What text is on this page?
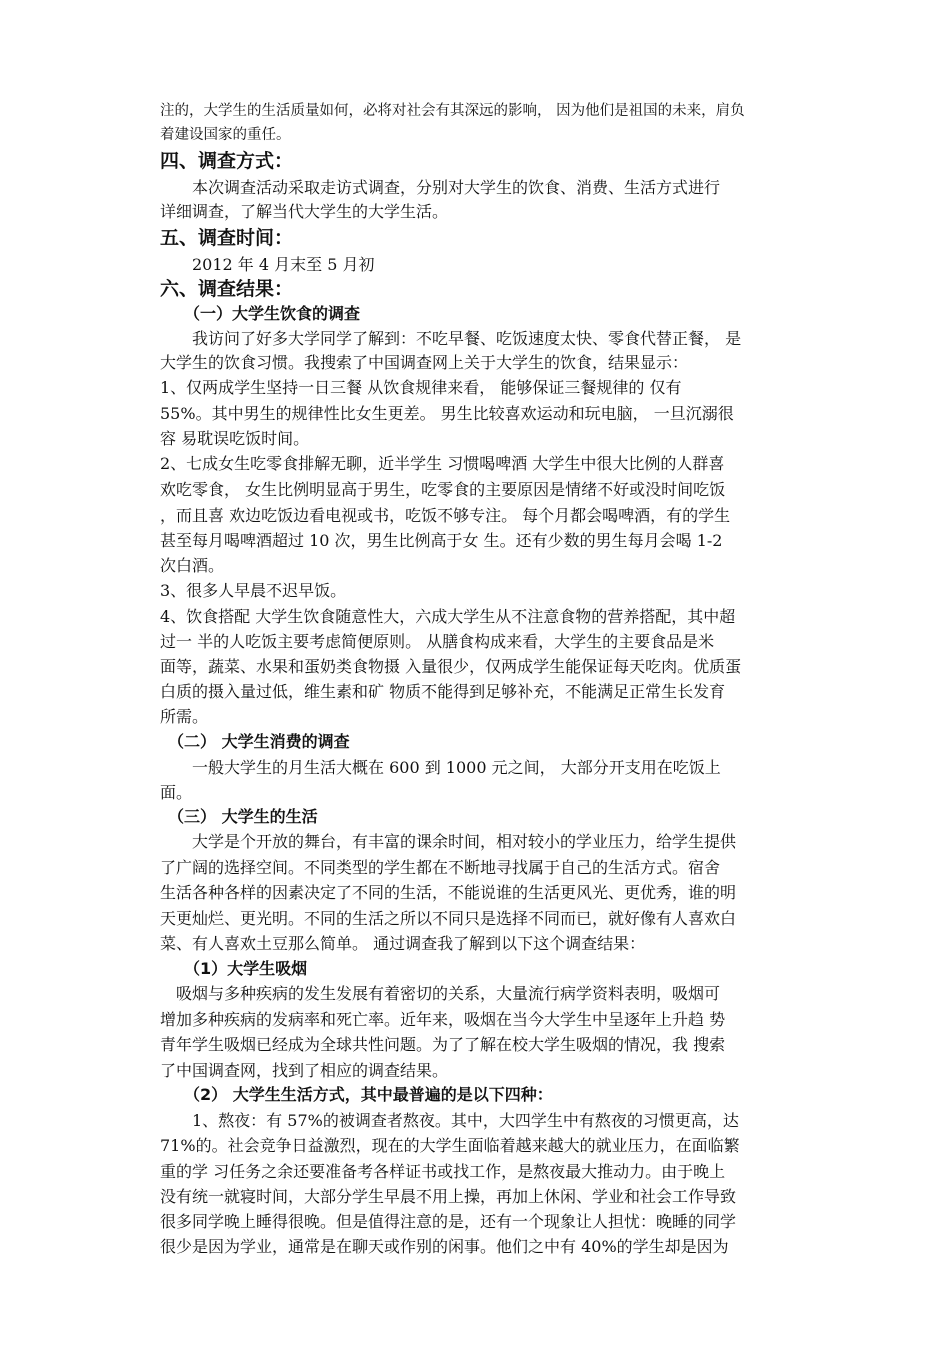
注的，大学生的生活质量如何，必将对社会有其深远的影响， 因为他们是祖国的未来，肩负
着建设国家的重任。
四、调查方式：
　　本次调查活动采取走访式调查，分别对大学生的饮食、消费、生活方式进行
详细调查，了解当代大学生的大学生活。
五、调查时间：
　　2012 年 4 月末至 5 月初
六、调查结果：
　　（一）大学生饮食的调查
　　我访问了好多大学同学了解到：不吃早餐、吃饭速度太快、零食代替正餐， 是
大学生的饮食习惯。我搜索了中国调查网上关于大学生的饮食，结果显示：
1、仅两成学生坚持一日三餐 从饮食规律来看， 能够保证三餐规律的 仅有
55%。其中男生的规律性比女生更差。 男生比较喜欢运动和玩电脑， 一旦沉溺很
容 易耽误吃饭时间。
2、七成女生吃零食排解无聊，近半学生 习惯喝啤酒 大学生中很大比例的人群喜
欢吃零食， 女生比例明显高于男生，吃零食的主要原因是情绪不好或没时间吃饭
，而且喜 欢边吃饭边看电视或书，吃饭不够专注。 每个月都会喝啤酒，有的学生
甚至每月喝啤酒超过 10 次，男生比例高于女 生。还有少数的男生每月会喝 1-2
次白酒。
3、很多人早晨不迟早饭。
4、饮食搭配 大学生饮食随意性大，六成大学生从不注意食物的营养搭配，其中超
过一 半的人吃饭主要考虑简便原则。 从膳食构成来看，大学生的主要食品是米
面等，蔬菜、水果和蛋奶类食物摄 入量很少，仅两成学生能保证每天吃肉。优质蛋
白质的摄入量过低，维生素和矿 物质不能得到足够补充，不能满足正常生长发育
所需。
　（二） 大学生消费的调查
　　一般大学生的月生活大概在 600 到 1000 元之间， 大部分开支用在吃饭上
面。
　（三） 大学生的生活
　　大学是个开放的舞台，有丰富的课余时间，相对较小的学业压力，给学生提供
了广阔的选择空间。不同类型的学生都在不断地寻找属于自己的生活方式。宿舍
生活各种各样的因素决定了不同的生活，不能说谁的生活更风光、更优秀，谁的明
天更灿烂、更光明。不同的生活之所以不同只是选择不同而已，就好像有人喜欢白
菜、有人喜欢土豆那么简单。 通过调查我了解到以下这个调查结果：
　　（1）大学生吸烟
　吸烟与多种疾病的发生发展有着密切的关系，大量流行病学资料表明，吸烟可
增加多种疾病的发病率和死亡率。近年来，吸烟在当今大学生中呈逐年上升趋 势
青年学生吸烟已经成为全球共性问题。为了了解在校大学生吸烟的情况，我 搜索
了中国调查网，找到了相应的调查结果。
　　（2） 大学生生活方式，其中最普遍的是以下四种：
　　1、熬夜：有 57%的被调查者熬夜。其中，大四学生中有熬夜的习惯更高，达
71%的。社会竞争日益激烈，现在的大学生面临着越来越大的就业压力，在面临繁
重的学 习任务之余还要准备考各样证书或找工作，是熬夜最大推动力。由于晚上
没有统一就寝时间，大部分学生早晨不用上操，再加上休闲、学业和社会工作导致
很多同学晚上睡得很晚。但是值得注意的是，还有一个现象让人担忧：晚睡的同学
很少是因为学业，通常是在聊天或作别的闲事。他们之中有 40%的学生却是因为
